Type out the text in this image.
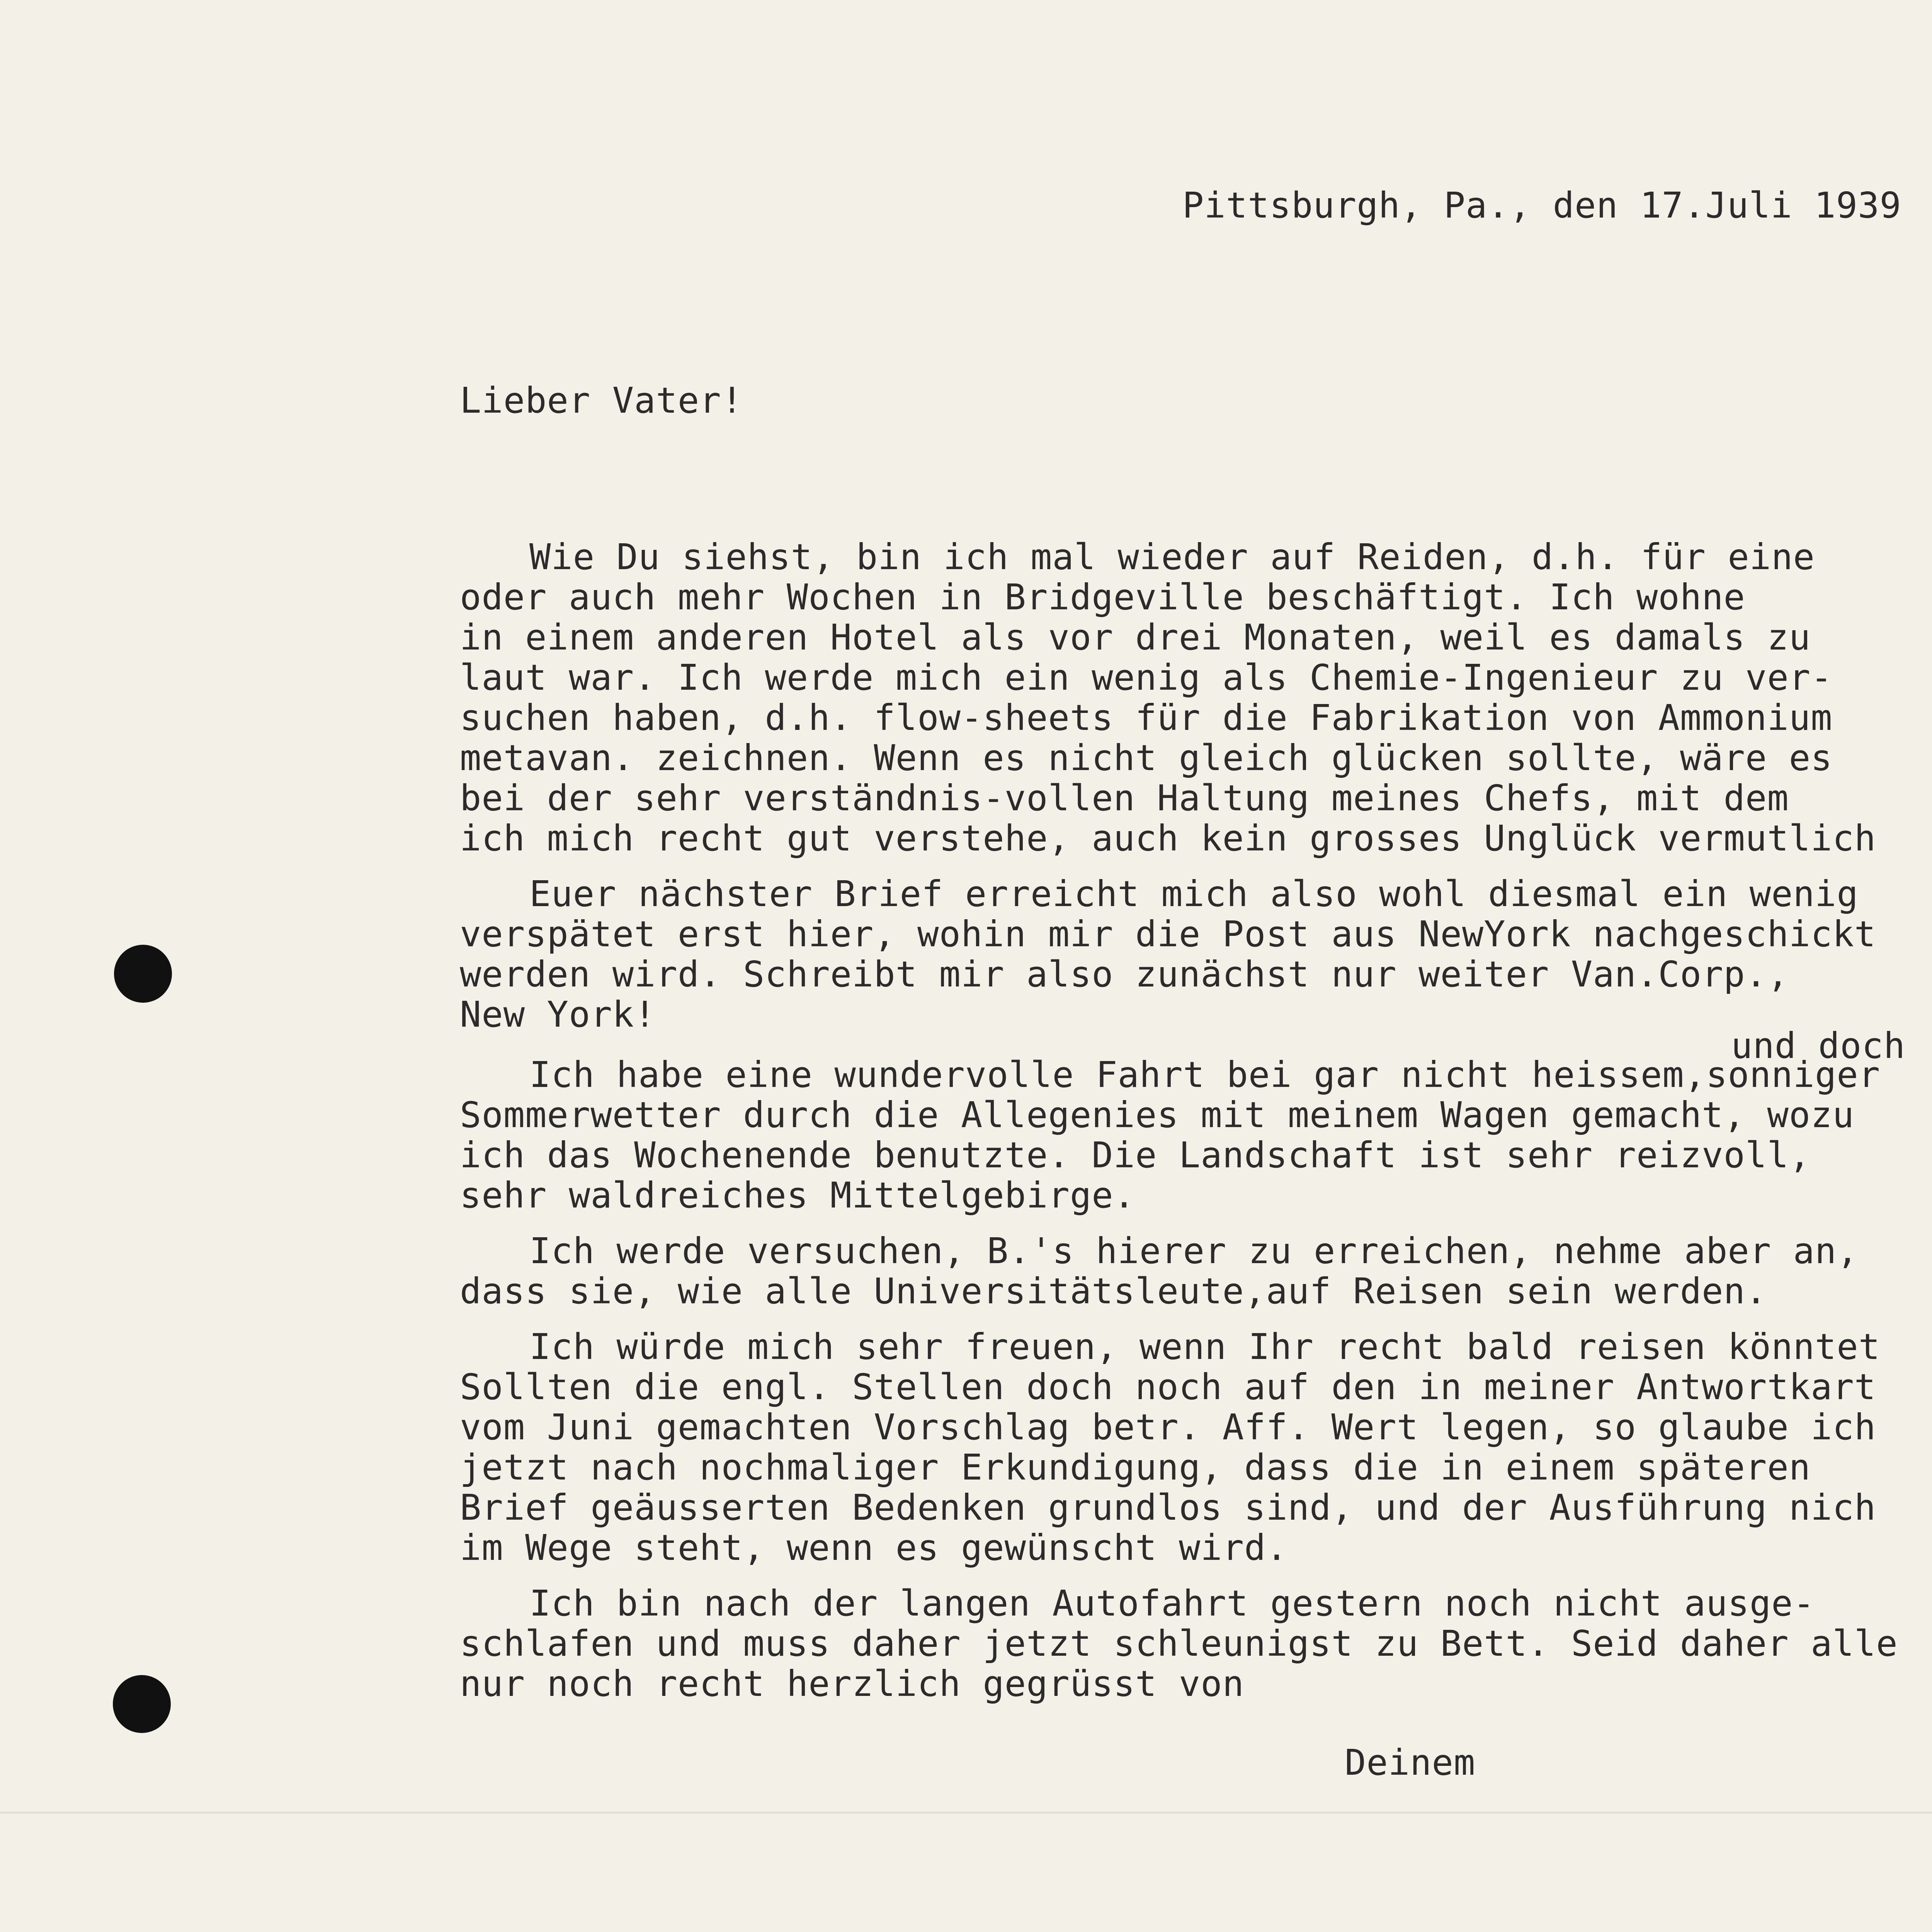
Pittsburgh, Pa., den 17.Juli 1939

Lieber Vater!

Wie Du siehst, bin ich mal wieder auf Reiden, d.h. für eine

oder auch mehr Wochen in Bridgeville beschäftigt. Ich wohne

in einem anderen Hotel als vor drei Monaten, weil es damals zu

laut war. Ich werde mich ein wenig als Chemie-Ingenieur zu ver-

suchen haben, d.h. flow-sheets für die Fabrikation von Ammonium

metavan. zeichnen. Wenn es nicht gleich glücken sollte, wäre es

bei der sehr verständnis-vollen Haltung meines Chefs, mit dem

ich mich recht gut verstehe, auch kein grosses Unglück vermutlich

Euer nächster Brief erreicht mich also wohl diesmal ein wenig

verspätet erst hier, wohin mir die Post aus NewYork nachgeschickt

werden wird. Schreibt mir also zunächst nur weiter Van.Corp.,

New York!

und doch

Ich habe eine wundervolle Fahrt bei gar nicht heissem,sonniger

Sommerwetter durch die Allegenies mit meinem Wagen gemacht, wozu

ich das Wochenende benutzte. Die Landschaft ist sehr reizvoll,

sehr waldreiches Mittelgebirge.

Ich werde versuchen, B.'s hierer zu erreichen, nehme aber an,

dass sie, wie alle Universitätsleute,auf Reisen sein werden.

Ich würde mich sehr freuen, wenn Ihr recht bald reisen könntet

Sollten die engl. Stellen doch noch auf den in meiner Antwortkart

vom Juni gemachten Vorschlag betr. Aff. Wert legen, so glaube ich

jetzt nach nochmaliger Erkundigung, dass die in einem späteren

Brief geäusserten Bedenken grundlos sind, und der Ausführung nich

im Wege steht, wenn es gewünscht wird.

Ich bin nach der langen Autofahrt gestern noch nicht ausge-

schlafen und muss daher jetzt schleunigst zu Bett. Seid daher alle

nur noch recht herzlich gegrüsst von

Deinem
